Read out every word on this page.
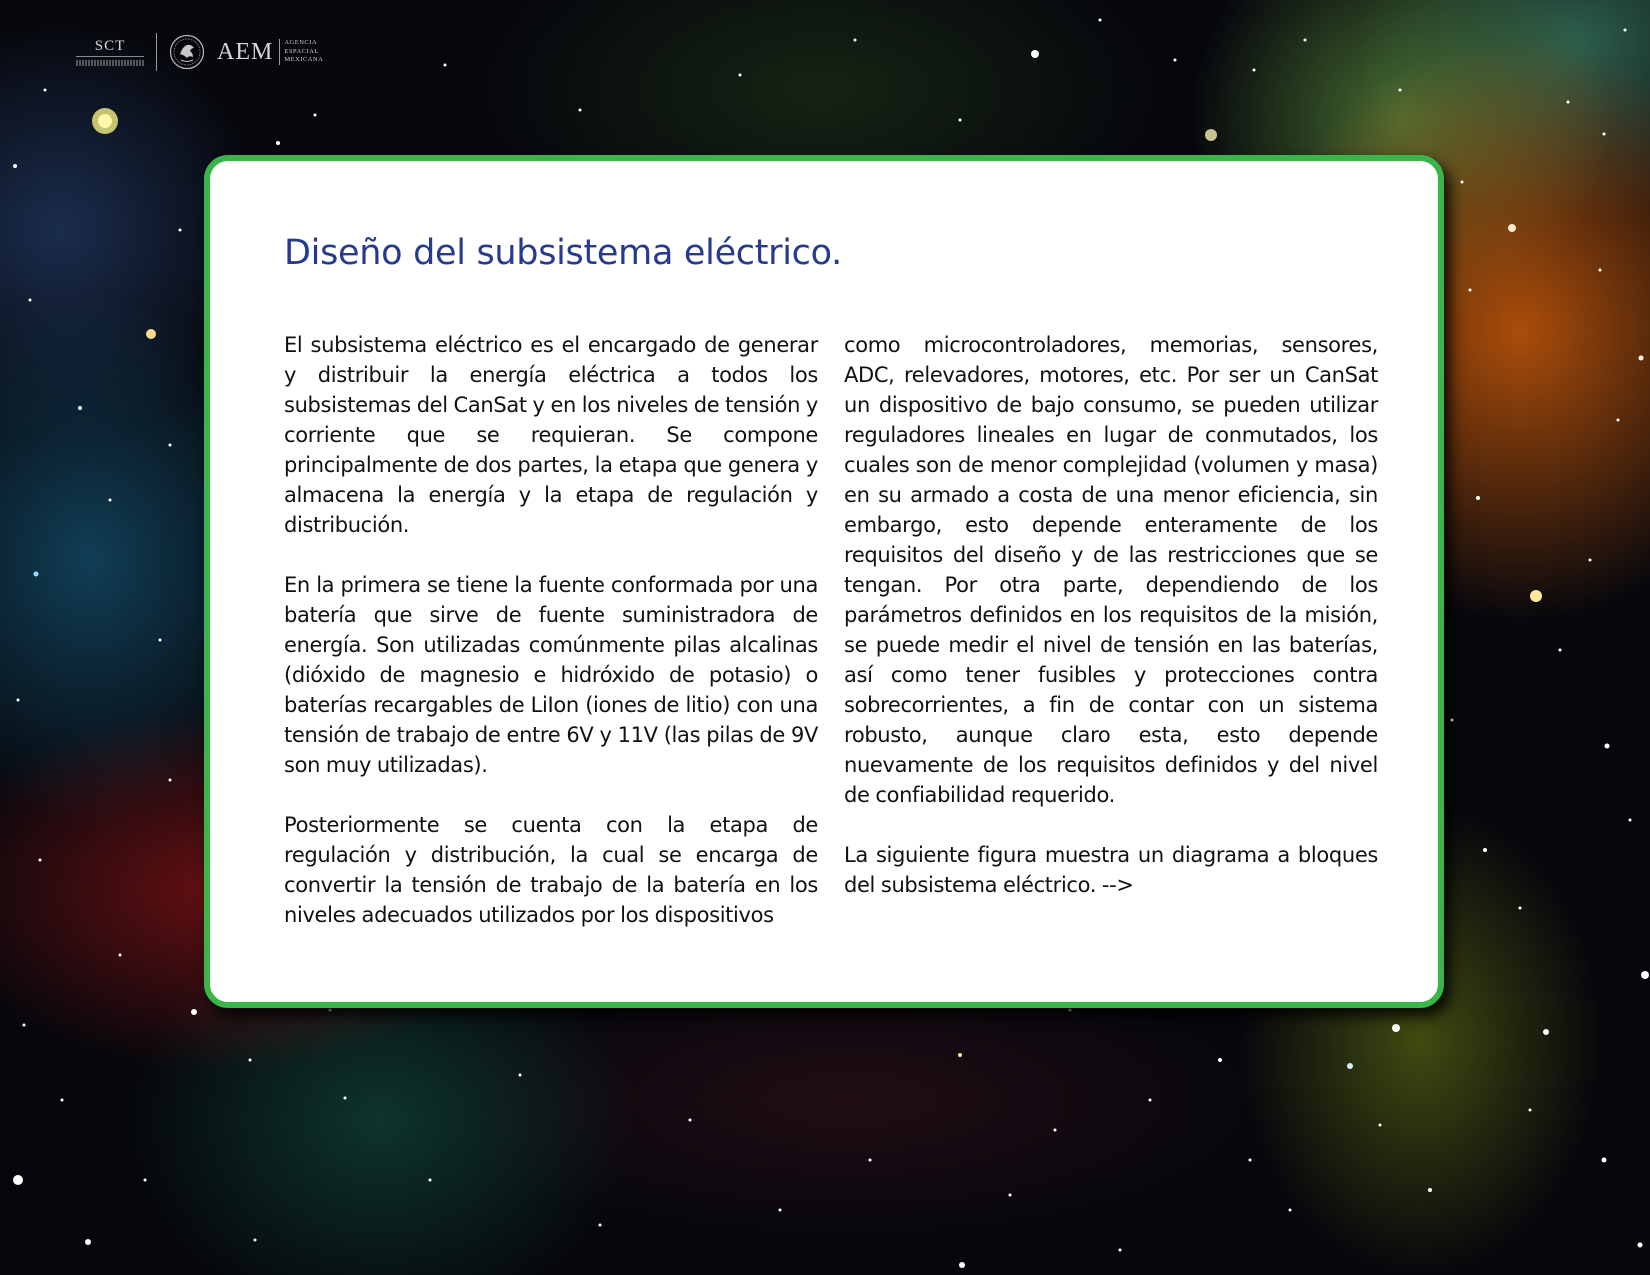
SCT	AEM AGENCIA
ESPACIAL
MEXICANA
Diseño del subsistema eléctrico.

El subsistema eléctrico es el encargado de generar y distribuir la energía eléctrica a todos los subsistemas del CanSat y en los niveles de tensión y corriente que se requieran. Se compone principalmente de dos partes, la etapa que genera y almacena la energía y la etapa de regulación y distribución.

En la primera se tiene la fuente conformada por una batería que sirve de fuente suministradora de energía. Son utilizadas comúnmente pilas alcalinas (dióxido de magnesio e hidróxido de potasio) o baterías recargables de LiIon (iones de litio) con una tensión de trabajo de entre 6V y 11V (las pilas de 9V son muy utilizadas).

Posteriormente se cuenta con la etapa de regulación y distribución, la cual se encarga de convertir la tensión de trabajo de la batería en los niveles adecuados utilizados por los dispositivos

como microcontroladores, memorias, sensores, ADC, relevadores, motores, etc. Por ser un CanSat un dispositivo de bajo consumo, se pueden utilizar reguladores lineales en lugar de conmutados, los cuales son de menor complejidad (volumen y masa) en su armado a costa de una menor eficiencia, sin embargo, esto depende enteramente de los requisitos del diseño y de las restricciones que se tengan. Por otra parte, dependiendo de los parámetros definidos en los requisitos de la misión, se puede medir el nivel de tensión en las baterías, así como tener fusibles y protecciones contra sobrecorrientes, a fin de contar con un sistema robusto, aunque claro esta, esto depende nuevamente de los requisitos definidos y del nivel de confiabilidad requerido.

La siguiente figura muestra un diagrama a bloques del subsistema eléctrico. -->
